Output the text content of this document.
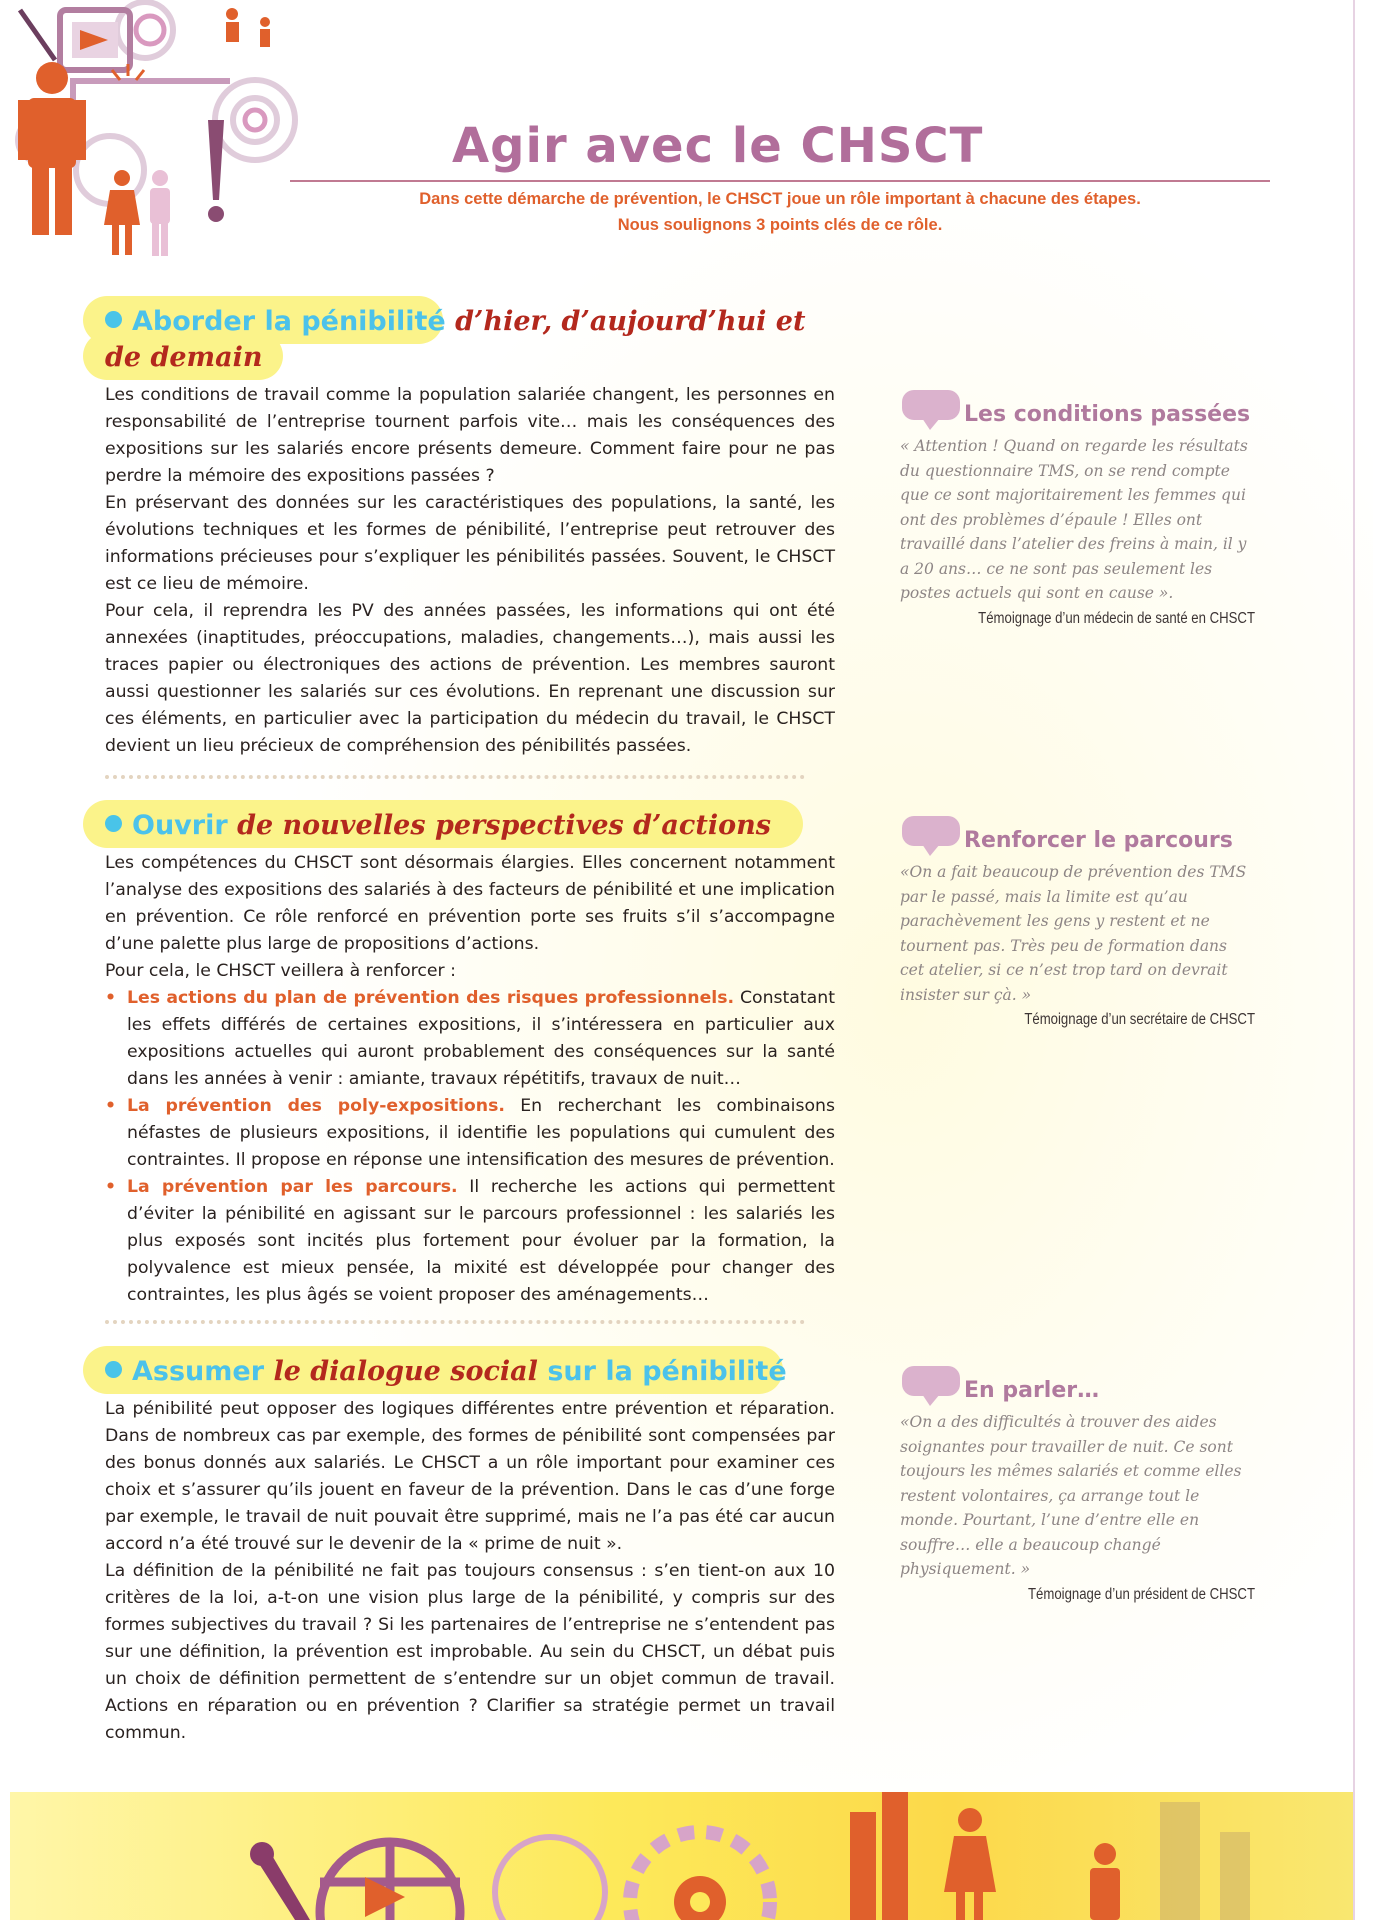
Agir avec le CHSCT
Dans cette démarche de prévention, le CHSCT joue un rôle important à chacune des étapes.
Nous soulignons 3 points clés de ce rôle.
Aborder la pénibilité d’hier, d’aujourd’hui et de demain

Les conditions de travail comme la population salariée changent, les personnes en responsabilité de l’entreprise tournent parfois vite… mais les conséquences des expositions sur les salariés encore présents demeure. Comment faire pour ne pas perdre la mémoire des expositions passées ?

En préservant des données sur les caractéristiques des populations, la santé, les évolutions techniques et les formes de pénibilité, l’entreprise peut retrouver des informations précieuses pour s’expliquer les pénibilités passées. Souvent, le CHSCT est ce lieu de mémoire.

Pour cela, il reprendra les PV des années passées, les informations qui ont été annexées (inaptitudes, préoccupations, maladies, changements…), mais aussi les traces papier ou électroniques des actions de prévention. Les membres sauront aussi questionner les salariés sur ces évolutions. En reprenant une discussion sur ces éléments, en particulier avec la participation du médecin du travail, le CHSCT devient un lieu précieux de compréhension des pénibilités passées.

Ouvrir de nouvelles perspectives d’actions

Les compétences du CHSCT sont désormais élargies. Elles concernent notamment l’analyse des expositions des salariés à des facteurs de pénibilité et une implication en prévention. Ce rôle renforcé en prévention porte ses fruits s’il s’accompagne d’une palette plus large de propositions d’actions.

Pour cela, le CHSCT veillera à renforcer :

• Les actions du plan de prévention des risques professionnels. Constatant les effets différés de certaines expositions, il s’intéressera en particulier aux expositions actuelles qui auront probablement des conséquences sur la santé dans les années à venir : amiante, travaux répétitifs, travaux de nuit…
• La prévention des poly-expositions. En recherchant les combinaisons néfastes de plusieurs expositions, il identifie les populations qui cumulent des contraintes. Il propose en réponse une intensification des mesures de prévention.
• La prévention par les parcours. Il recherche les actions qui permettent d’éviter la pénibilité en agissant sur le parcours professionnel : les salariés les plus exposés sont incités plus fortement pour évoluer par la formation, la polyvalence est mieux pensée, la mixité est développée pour changer des contraintes, les plus âgés se voient proposer des aménagements…
Assumer le dialogue social sur la pénibilité

La pénibilité peut opposer des logiques différentes entre prévention et réparation. Dans de nombreux cas par exemple, des formes de pénibilité sont compensées par des bonus donnés aux salariés. Le CHSCT a un rôle important pour examiner ces choix et s’assurer qu’ils jouent en faveur de la prévention. Dans le cas d’une forge par exemple, le travail de nuit pouvait être supprimé, mais ne l’a pas été car aucun accord n’a été trouvé sur le devenir de la « prime de nuit ».

La définition de la pénibilité ne fait pas toujours consensus : s’en tient-on aux 10 critères de la loi, a-t-on une vision plus large de la pénibilité, y compris sur des formes subjectives du travail ? Si les partenaires de l’entreprise ne s’entendent pas sur une définition, la prévention est improbable. Au sein du CHSCT, un débat puis un choix de définition permettent de s’entendre sur un objet commun de travail. Actions en réparation ou en prévention ? Clarifier sa stratégie permet un travail commun.

Les conditions passées

« Attention ! Quand on regarde les résultats du questionnaire TMS, on se rend compte que ce sont majoritairement les femmes qui ont des problèmes d’épaule ! Elles ont travaillé dans l’atelier des freins à main, il y a 20 ans… ce ne sont pas seulement les postes actuels qui sont en cause ».

Témoignage d’un médecin de santé en CHSCT

Renforcer le parcours

«On a fait beaucoup de prévention des TMS par le passé, mais la limite est qu’au parachèvement les gens y restent et ne tournent pas. Très peu de formation dans cet atelier, si ce n’est trop tard on devrait insister sur çà. »

Témoignage d’un secrétaire de CHSCT

En parler…

«On a des difficultés à trouver des aides soignantes pour travailler de nuit. Ce sont toujours les mêmes salariés et comme elles restent volontaires, ça arrange tout le monde. Pourtant, l’une d’entre elle en souffre… elle a beaucoup changé physiquement. »

Témoignage d’un président de CHSCT
